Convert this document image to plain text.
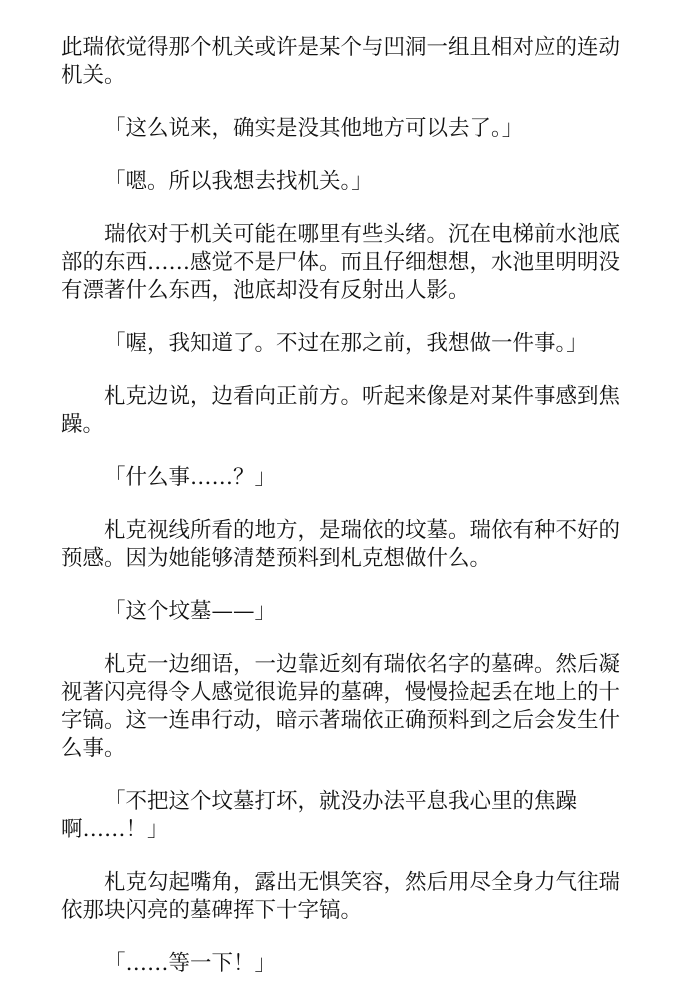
此瑞依觉得那个机关或许是某个与凹洞一组且相对应的连动机关。

「这么说来，确实是没其他地方可以去了。」

「嗯。所以我想去找机关。」

瑞依对于机关可能在哪里有些头绪。沉在电梯前水池底部的东西……感觉不是尸体。而且仔细想想，水池里明明没有漂著什么东西，池底却没有反射出人影。

「喔，我知道了。不过在那之前，我想做一件事。」

札克边说，边看向正前方。听起来像是对某件事感到焦躁。

「什么事……？」

札克视线所看的地方，是瑞依的坟墓。瑞依有种不好的预感。因为她能够清楚预料到札克想做什么。

「这个坟墓——」

札克一边细语，一边靠近刻有瑞依名字的墓碑。然后凝视著闪亮得令人感觉很诡异的墓碑，慢慢捡起丢在地上的十字镐。这一连串行动，暗示著瑞依正确预料到之后会发生什么事。

「不把这个坟墓打坏，就没办法平息我心里的焦躁啊……！」

札克勾起嘴角，露出无惧笑容，然后用尽全身力气往瑞依那块闪亮的墓碑挥下十字镐。

「……等一下！」
